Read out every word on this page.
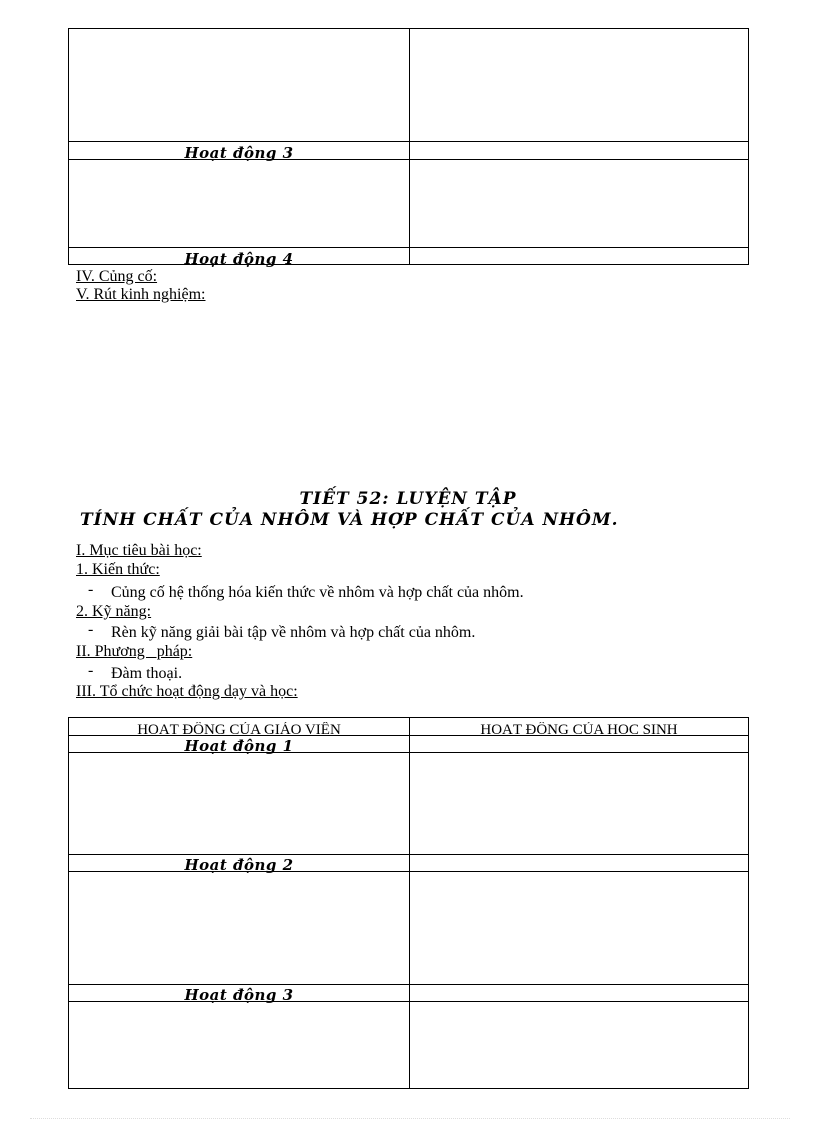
Hoạt động 3
Hoạt động 4
IV. Củng cố:
V. Rút kinh nghiệm:
TIẾT 52: LUYỆN TẬP
TÍNH CHẤT CỦA NHÔM VÀ HỢP CHẤT CỦA NHÔM.
I. Mục tiêu bài học:
1. Kiến thức:
- Củng cố hệ thống hóa kiến thức về nhôm và hợp chất của nhôm.
2. Kỹ năng:
- Rèn kỹ năng giải bài tập về nhôm và hợp chất của nhôm.
II. Phương   pháp:
- Đàm thoại.
III. Tổ chức hoạt động dạy và học:
HOẠT ĐỘNG CỦA GIÁO VIÊN	HOẠT ĐỘNG CỦA HỌC SINH
Hoạt động 1
Hoạt động 2
Hoạt động 3
